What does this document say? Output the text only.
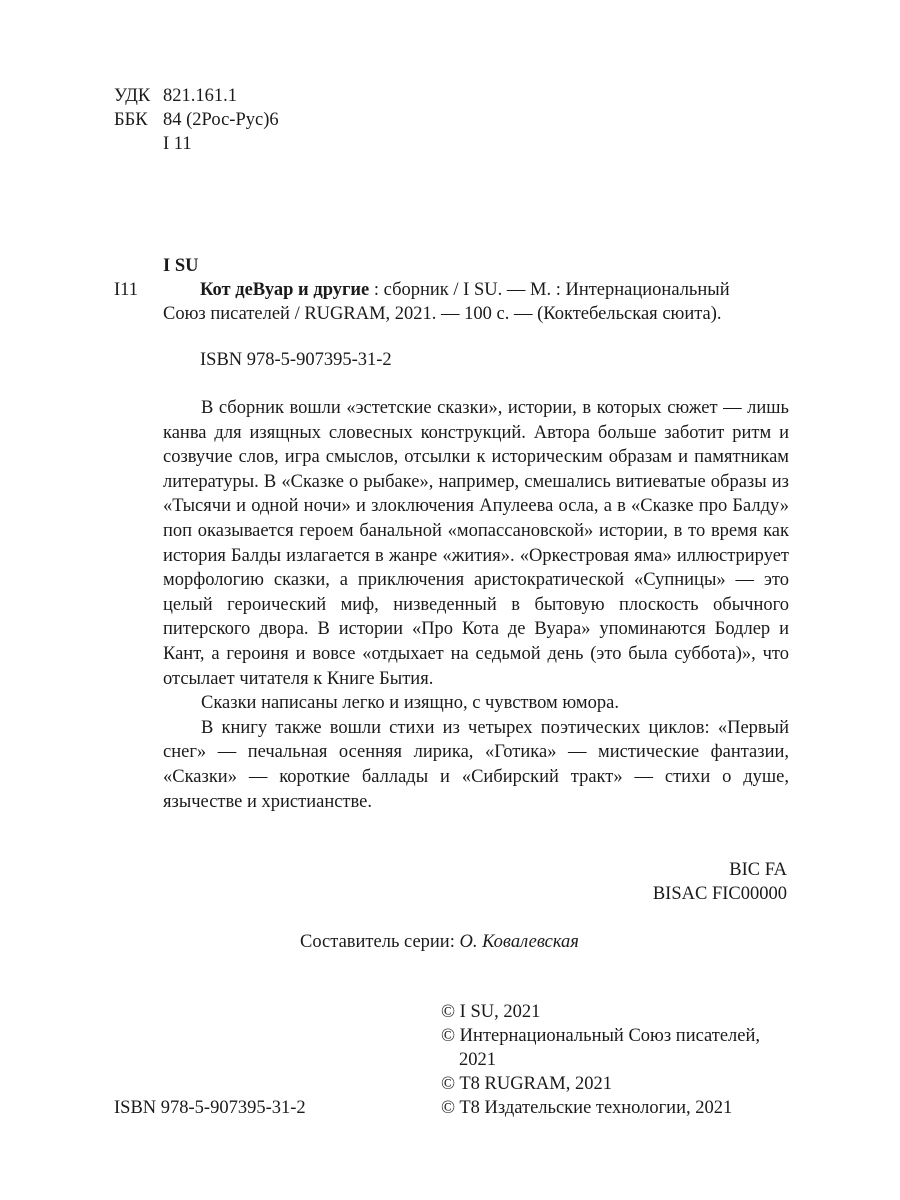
УДК 821.161.1
ББК 84 (2Рос-Рус)6
I 11
I SU
I11	Кот деВуар и другие : сборник / I SU. — М. : Интернациональный
Союз писателей / RUGRAM, 2021. — 100 с. — (Коктебельская сюита).
ISBN 978-5-907395-31-2

В сборник вошли «эстетские сказки», истории, в которых сюжет — лишь канва для изящных словесных конструкций. Автора больше заботит ритм и созвучие слов, игра смыслов, отсылки к историческим образам и памятникам литературы. В «Сказке о рыбаке», например, смешались витиеватые образы из «Тысячи и одной ночи» и злоключения Апулеева осла, а в «Сказке про Балду» поп оказывается героем банальной «мопассановской» истории, в то время как история Балды излагается в жанре «жития». «Оркестровая яма» иллюстрирует морфологию сказки, а приключения аристократической «Супницы» — это целый героический миф, низведенный в бытовую плоскость обычного питерского двора. В истории «Про Кота де Вуара» упоминаются Бодлер и Кант, а героиня и вовсе «отдыхает на седьмой день (это была суббота)», что отсылает читателя к Книге Бытия.

Сказки написаны легко и изящно, с чувством юмора.

В книгу также вошли стихи из четырех поэтических циклов: «Первый снег» — печальная осенняя лирика, «Готика» — мистические фантазии, «Сказки» — короткие баллады и «Сибирский тракт» — стихи о душе, язычестве и христианстве.

BIC FA
BISAC FIC00000
Составитель серии: О. Ковалевская
© I SU, 2021
© Интернациональный Союз писателей,
2021
© T8 RUGRAM, 2021
© T8 Издательские технологии, 2021
ISBN 978-5-907395-31-2
